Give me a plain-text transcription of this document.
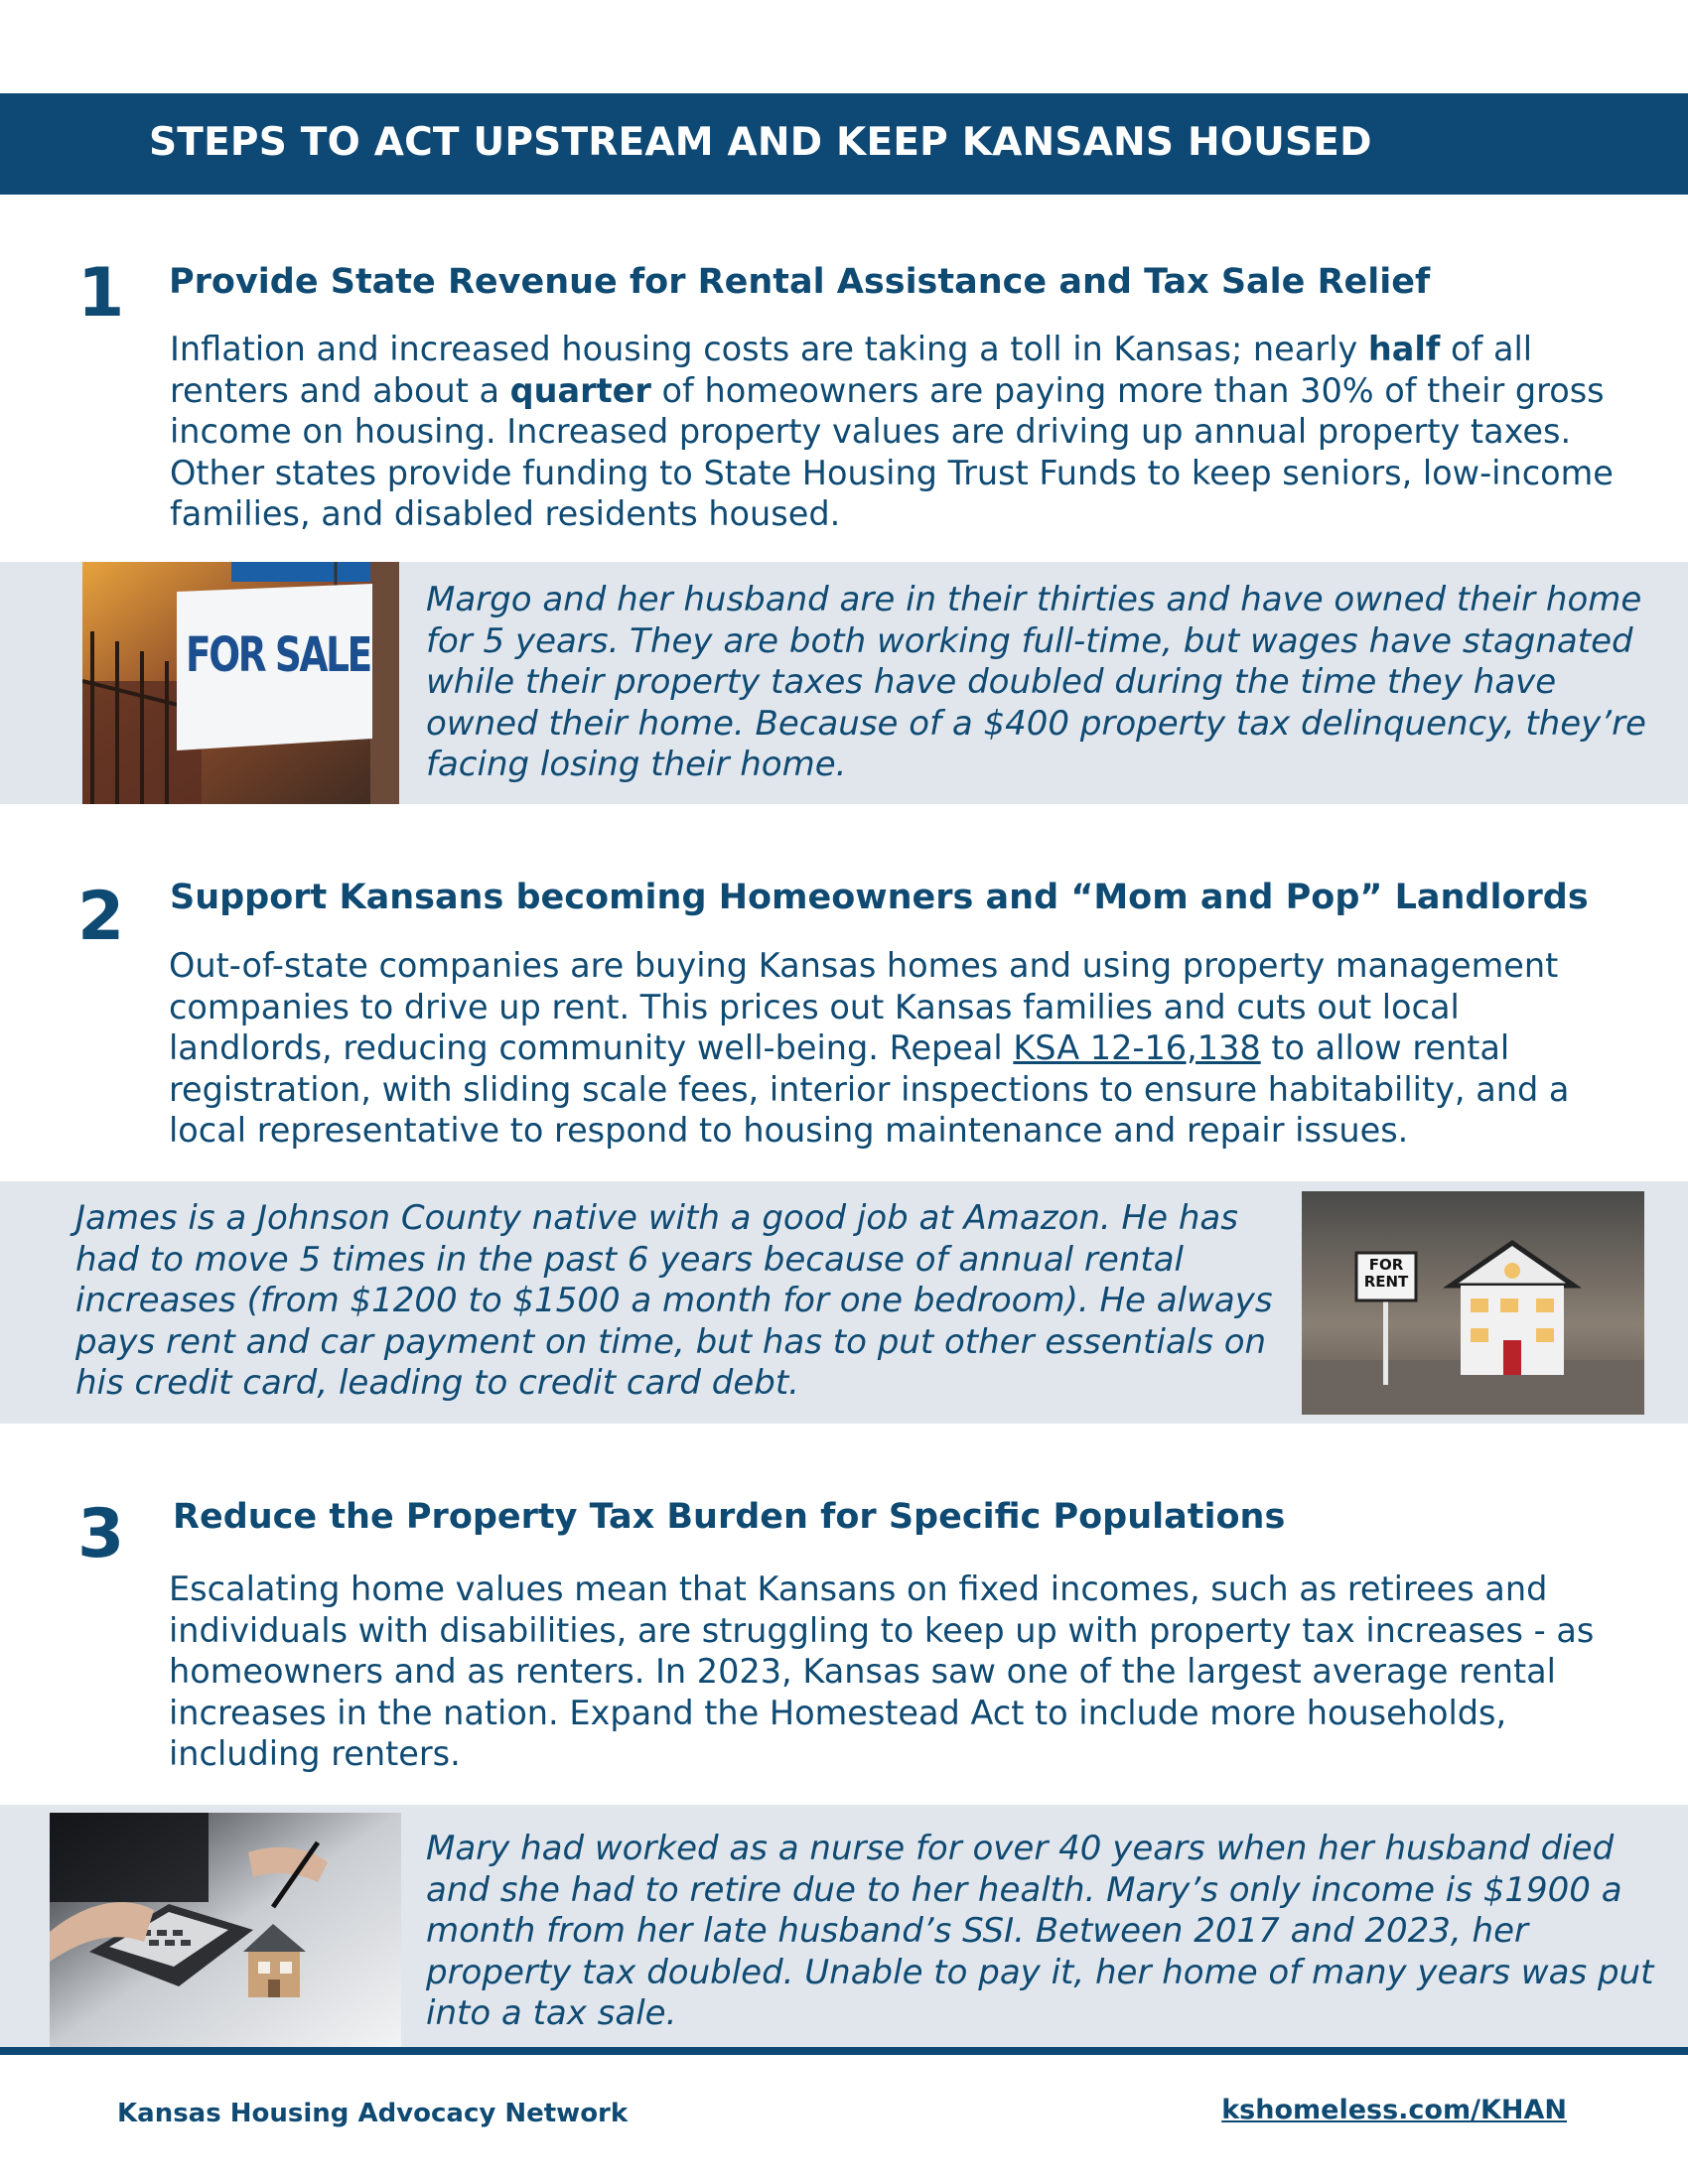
STEPS TO ACT UPSTREAM AND KEEP KANSANS HOUSED
1 Provide State Revenue for Rental Assistance and Tax Sale Relief

Inflation and increased housing costs are taking a toll in Kansas; nearly half of all renters and about a quarter of homeowners are paying more than 30% of their gross income on housing. Increased property values are driving up annual property taxes. Other states provide funding to State Housing Trust Funds to keep seniors, low-income families, and disabled residents housed.

FOR SALE

Margo and her husband are in their thirties and have owned their home for 5 years. They are both working full-time, but wages have stagnated while their property taxes have doubled during the time they have owned their home. Because of a $400 property tax delinquency, they’re facing losing their home.

2 Support Kansans becoming Homeowners and “Mom and Pop” Landlords

Out-of-state companies are buying Kansas homes and using property management companies to drive up rent. This prices out Kansas families and cuts out local landlords, reducing community well-being. Repeal KSA 12-16,138 to allow rental registration, with sliding scale fees, interior inspections to ensure habitability, and a local representative to respond to housing maintenance and repair issues.

James is a Johnson County native with a good job at Amazon. He has had to move 5 times in the past 6 years because of annual rental increases (from $1200 to $1500 a month for one bedroom). He always pays rent and car payment on time, but has to put other essentials on his credit card, leading to credit card debt.

FOR
RENT
3 Reduce the Property Tax Burden for Specific Populations

Escalating home values mean that Kansans on fixed incomes, such as retirees and individuals with disabilities, are struggling to keep up with property tax increases - as homeowners and as renters. In 2023, Kansas saw one of the largest average rental increases in the nation. Expand the Homestead Act to include more households, including renters.

Mary had worked as a nurse for over 40 years when her husband died and she had to retire due to her health. Mary’s only income is $1900 a month from her late husband’s SSI. Between 2017 and 2023, her property tax doubled. Unable to pay it, her home of many years was put into a tax sale.

Kansas Housing Advocacy Network	kshomeless.com/KHAN
